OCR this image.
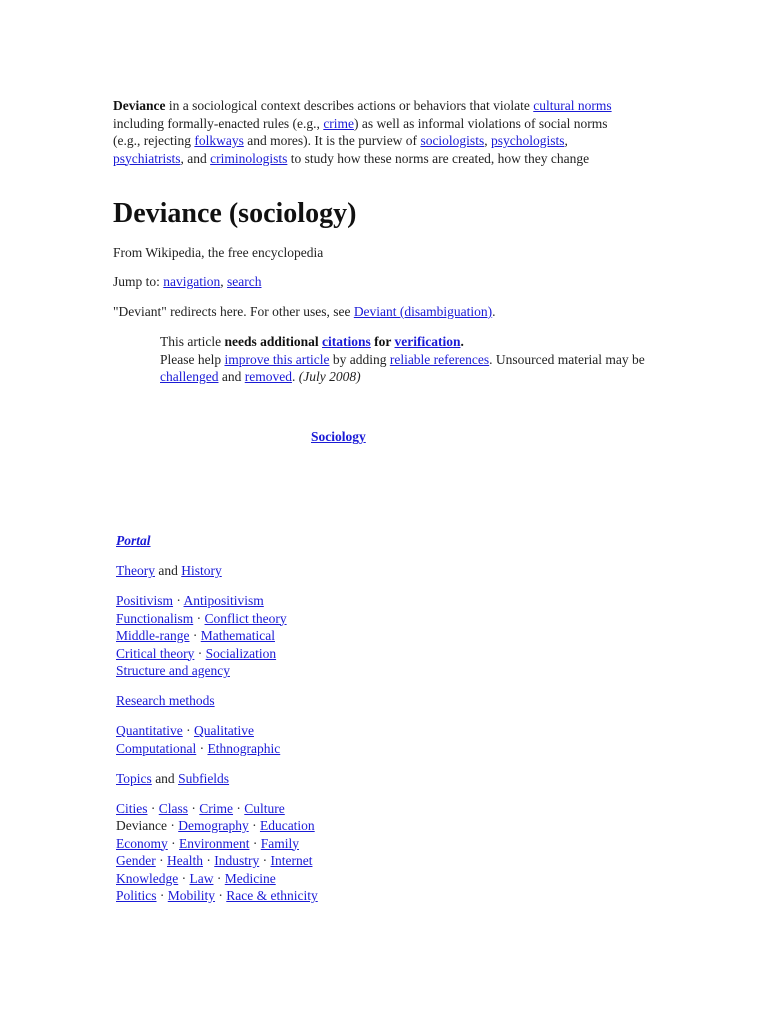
Deviance in a sociological context describes actions or behaviors that violate cultural norms including formally-enacted rules (e.g., crime) as well as informal violations of social norms (e.g., rejecting folkways and mores). It is the purview of sociologists, psychologists, psychiatrists, and criminologists to study how these norms are created, how they change
Deviance (sociology)
From Wikipedia, the free encyclopedia
Jump to: navigation, search
"Deviant" redirects here. For other uses, see Deviant (disambiguation).
This article needs additional citations for verification.
Please help improve this article by adding reliable references. Unsourced material may be challenged and removed. (July 2008)
Sociology
Portal

Theory and History

Positivism · Antipositivism
Functionalism · Conflict theory
Middle-range · Mathematical
Critical theory · Socialization
Structure and agency

Research methods

Quantitative · Qualitative
Computational · Ethnographic

Topics and Subfields

Cities · Class · Crime · Culture
Deviance · Demography · Education
Economy · Environment · Family
Gender · Health · Industry · Internet
Knowledge · Law · Medicine
Politics · Mobility · Race & ethnicity
